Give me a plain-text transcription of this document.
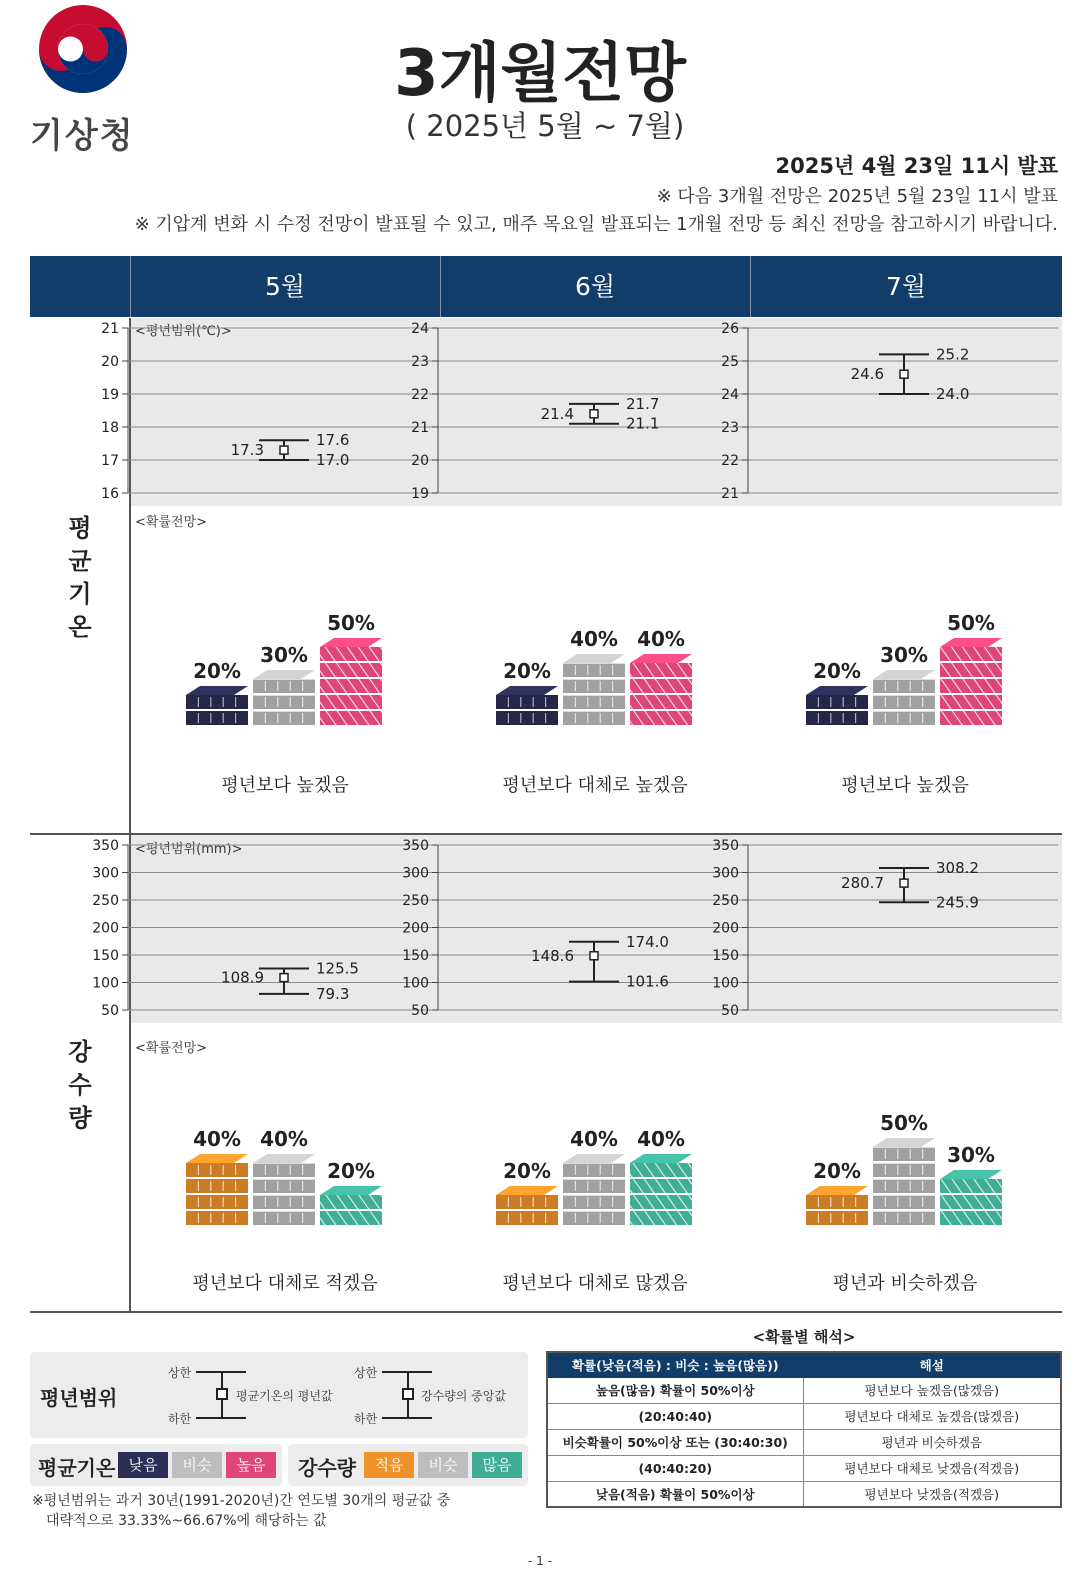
기상청
3개월전망
( 2025년 5월 ~ 7월)
2025년 4월 23일 11시 발표
※ 다음 3개월 전망은 2025년 5월 23일 11시 발표
※ 기압계 변화 시 수정 전망이 발표될 수 있고, 매주 목요일 발표되는 1개월 전망 등 최신 전망을 참고하시기 바랍니다.
5월	6월	7월
평
균
기
온
강
수
량
<평년범위(℃)>
<확률전망>
<평년범위(mm)>
<확률전망>
21
20
19
18
17
16
17.6
17.0
17.3
24
23
22
21
20
19
21.7
21.1
21.4
26
25
24
23
22
21
25.2
24.0
24.6
350
300
250
200
150
100
50
125.5
79.3
108.9
350
300
250
200
150
100
50
174.0
101.6
148.6
350
300
250
200
150
100
50
308.2
245.9
280.7
20%
30%
50%
20%
40% 40%
20%
30%
50%
40% 40%
20%	20%
40% 40%
20%
50%
30%
평년보다 높겠음	평년보다 대체로 높겠음	평년보다 높겠음
평년보다 대체로 적겠음	평년보다 대체로 많겠음	평년과 비슷하겠음
평년범위
상한
하한
평균기온의 평년값
상한
하한
강수량의 중앙값
평균기온 낮음	비슷	높음	강수량	적음	비슷	많음
※평년범위는 과거 30년(1991-2020년)간 연도별 30개의 평균값 중
대략적으로 33.33%~66.67%에 해당하는 값
<확률별 해석>
확률(낮음(적음) : 비슷 : 높음(많음))	해설
높음(많음) 확률이 50%이상	평년보다 높겠음(많겠음)
(20:40:40)	평년보다 대체로 높겠음(많겠음)
비슷확률이 50%이상 또는 (30:40:30)	평년과 비슷하겠음
(40:40:20)	평년보다 대체로 낮겠음(적겠음)
낮음(적음) 확률이 50%이상	평년보다 낮겠음(적겠음)
- 1 -
